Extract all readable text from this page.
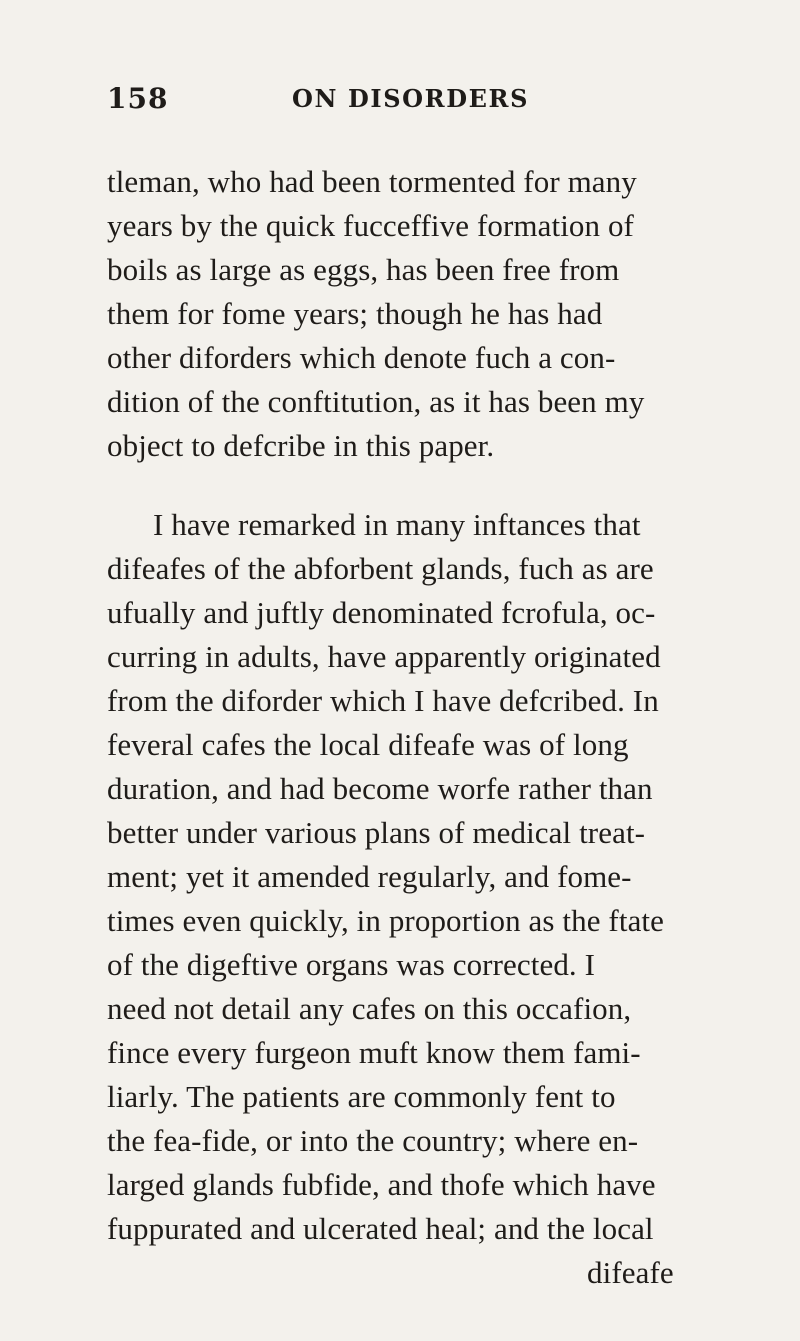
158	ON DISORDERS
tleman, who had been tormented for many
years by the quick fucceffive formation of
boils as large as eggs, has been free from
them for fome years; though he has had
other diforders which denote fuch a con-
dition of the conftitution, as it has been my
object to defcribe in this paper.
I have remarked in many inftances that
difeafes of the abforbent glands, fuch as are
ufually and juftly denominated fcrofula, oc-
curring in adults, have apparently originated
from the diforder which I have defcribed. In
feveral cafes the local difeafe was of long
duration, and had become worfe rather than
better under various plans of medical treat-
ment; yet it amended regularly, and fome-
times even quickly, in proportion as the ftate
of the digeftive organs was corrected. I
need not detail any cafes on this occafion,
fince every furgeon muft know them fami-
liarly. The patients are commonly fent to
the fea-fide, or into the country; where en-
larged glands fubfide, and thofe which have
fuppurated and ulcerated heal; and the local
difeafe
